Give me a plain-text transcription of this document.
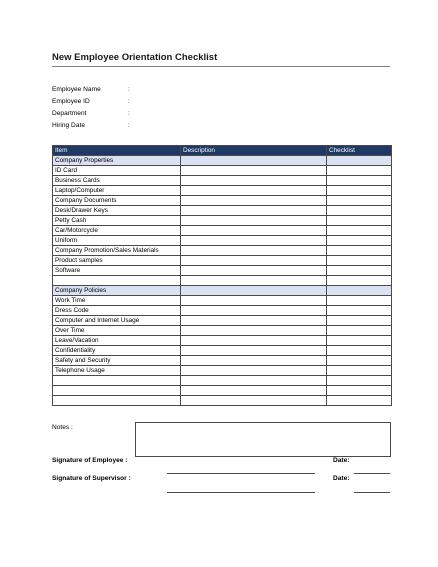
New Employee Orientation Checklist
Employee Name	:
Employee ID	:
Department	:
Hiring Date	:
Item	Description	Checklist
Company Properties		
ID Card		
Business Cards		
Laptop/Computer		
Company Documents		
Desk/Drawer Keys		
Petty Cash		
Car/Motorcycle		
Uniform		
Company Promotion/Sales Materials		
Product samples		
Software		

Company Policies		
Work Time		
Dress Code		
Computer and Internet Usage		
Over Time		
Leave/Vacation		
Confidentiality		
Safety and Security		
Telephone Usage		

Notes :
Signature of Employee :	Date:
Signature of Supervisor :	Date:
